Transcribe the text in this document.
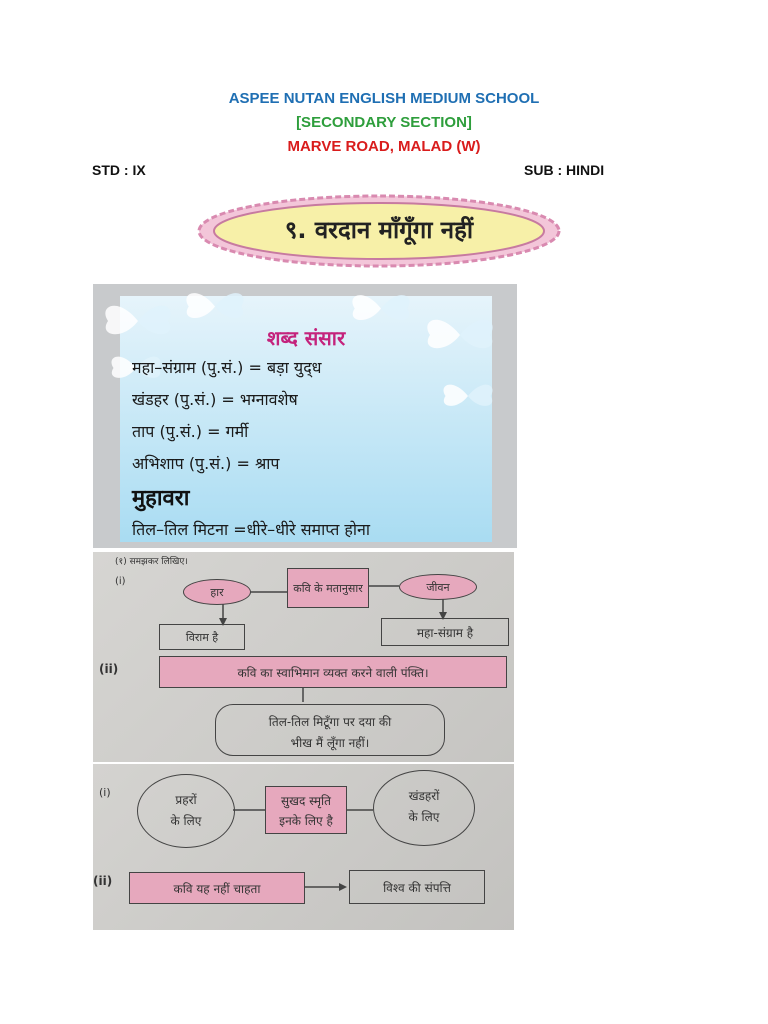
ASPEE NUTAN ENGLISH MEDIUM SCHOOL
[SECONDARY SECTION]
MARVE ROAD, MALAD (W)
STD : IX	SUB : HINDI
९. वरदान माँगूँगा नहीं
शब्द संसार
महा–संग्राम (पु.सं.) = बड़ा युद्‌ध
खंडहर (पु.सं.) = भग्नावशेष
ताप (पु.सं.) = गर्मी
अभिशाप (पु.सं.) = श्राप
मुहावरा
तिल–तिल मिटना =धीरे–धीरे समाप्त होना
(१) समझकर लिखिए।
(i)	कवि के मतानुसार
हार	जीवन
विराम है	महा-संग्राम है
(ii)	कवि का स्वाभिमान व्यक्त करने वाली पंक्ति।
तिल-तिल मिटूँगा पर दया की
भीख मैं लूँगा नहीं।
(i)
प्रहरों
के लिए
सुखद स्मृति
इनके लिए है
खंडहरों
के लिए
(ii)
कवि यह नहीं चाहता	विश्व की संपत्ति
